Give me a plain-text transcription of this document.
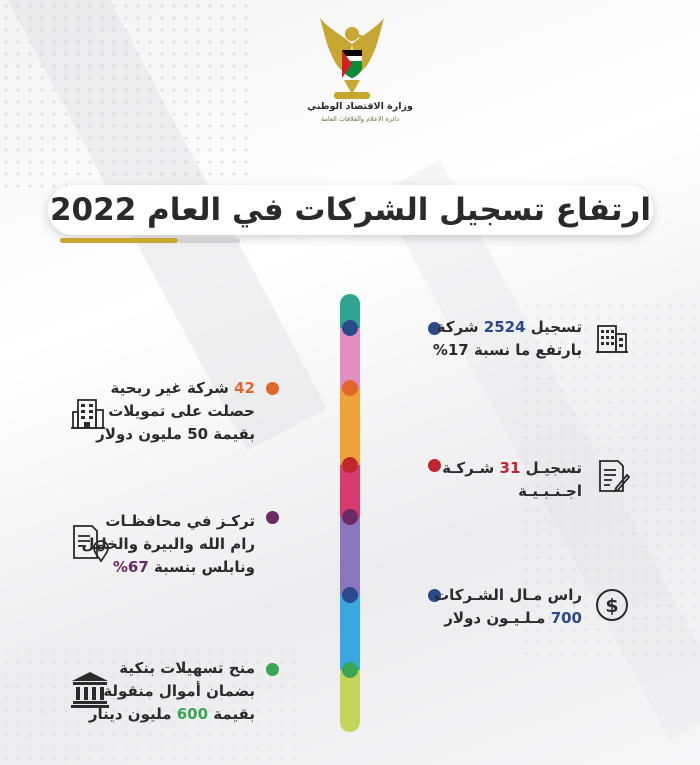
وزارة الاقتصاد الوطني
دائرة الاعلام والعلاقات العامة
ارتفاع تسجيل الشركات في العام 2022
تسجيل 2524 شركة
بارتفع ما نسبة 17%
تسجيـل 31 شـركـة
اجـنـبـيـة
$
راس مـال الشـركات
700 مـلـيـون دولار
42 شركة غير ربحية
حصلت على تمويلات
بقيمة 50 مليون دولار
تركـز في محافظـات
رام الله والبيرة والخليل
ونابلس بنسبة 67%
منح تسهيلات بنكية
بضمان أموال منقولة
بقيمة 600 مليون دينار
